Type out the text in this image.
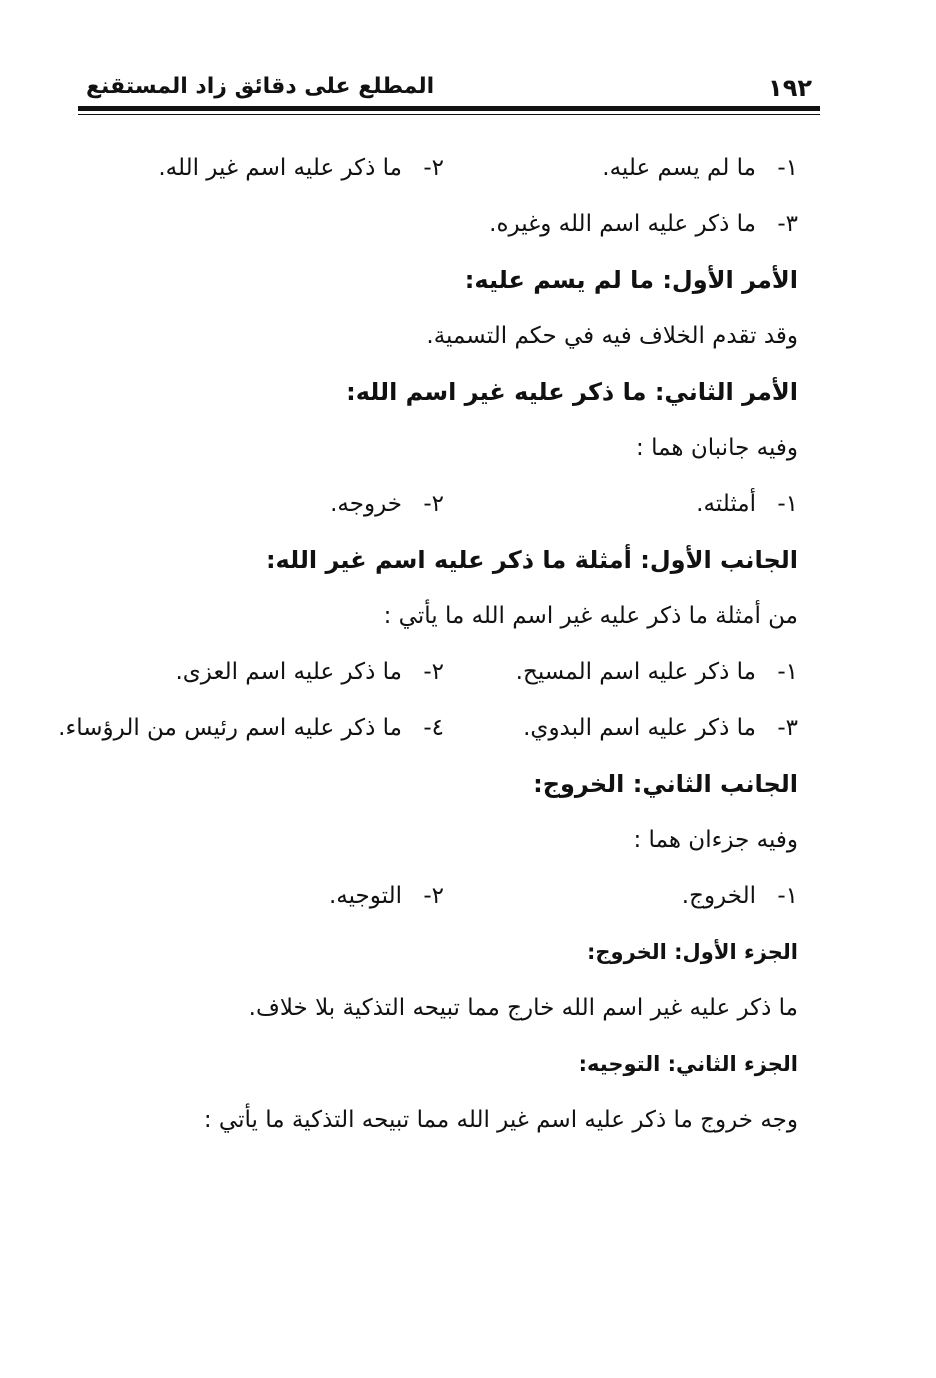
١٩٢
المطلع على دقائق زاد المستقنع
١-ما لم يسم عليه.
٢-ما ذكر عليه اسم غير الله.
٣-ما ذكر عليه اسم الله وغيره.
الأمر الأول: ما لم يسم عليه:
وقد تقدم الخلاف فيه في حكم التسمية.
الأمر الثاني: ما ذكر عليه غير اسم الله:
وفيه جانبان هما :
١-أمثلته.
٢-خروجه.
الجانب الأول: أمثلة ما ذكر عليه اسم غير الله:
من أمثلة ما ذكر عليه غير اسم الله ما يأتي :
١-ما ذكر عليه اسم المسيح.
٢-ما ذكر عليه اسم العزى.
٣-ما ذكر عليه اسم البدوي.
٤-ما ذكر عليه اسم رئيس من الرؤساء.
الجانب الثاني: الخروج:
وفيه جزءان هما :
١-الخروج.
٢-التوجيه.
الجزء الأول: الخروج:
ما ذكر عليه غير اسم الله خارج مما تبيحه التذكية بلا خلاف.
الجزء الثاني: التوجيه:
وجه خروج ما ذكر عليه اسم غير الله مما تبيحه التذكية ما يأتي :
